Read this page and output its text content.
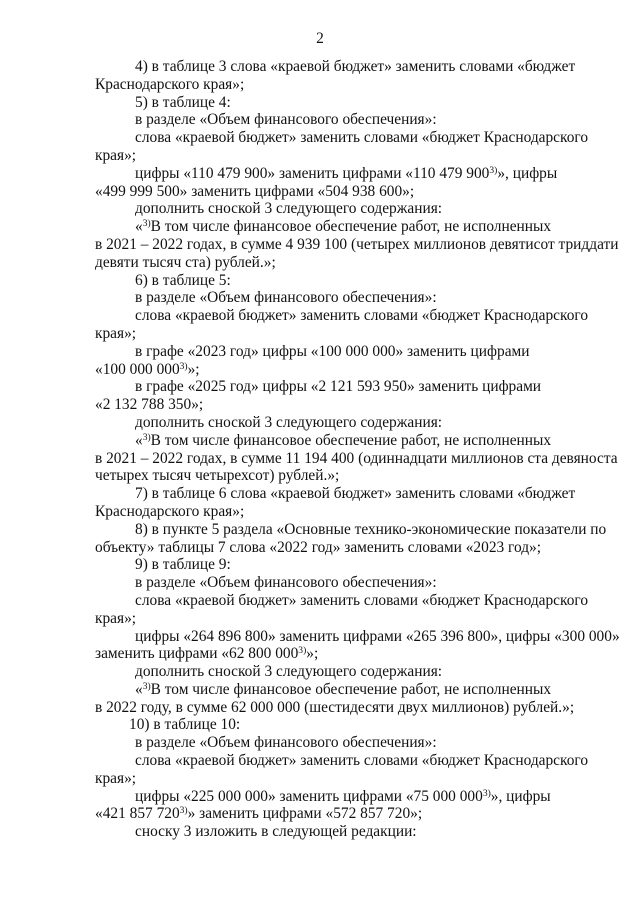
2
4) в таблице 3 слова «краевой бюджет» заменить словами «бюджет
Краснодарского края»;
5) в таблице 4:
в разделе «Объем финансового обеспечения»:
слова «краевой бюджет» заменить словами «бюджет Краснодарского
края»;
цифры «110 479 900» заменить цифрами «110 479 900$^{3)}$», цифры
«499 999 500» заменить цифрами «504 938 600»;
дополнить сноской 3 следующего содержания:
«$^{3)}$В том числе финансовое обеспечение работ, не исполненных
в 2021 – 2022 годах, в сумме 4 939 100 (четырех миллионов девятисот триддати
девяти тысяч ста) рублей.»;
6) в таблице 5:
в разделе «Объем финансового обеспечения»:
слова «краевой бюджет» заменить словами «бюджет Краснодарского
края»;
в графе «2023 год» цифры «100 000 000» заменить цифрами
«100 000 000$^{3)}$»;
в графе «2025 год» цифры «2 121 593 950» заменить цифрами
«2 132 788 350»;
дополнить сноской 3 следующего содержания:
«$^{3)}$В том числе финансовое обеспечение работ, не исполненных
в 2021 – 2022 годах, в сумме 11 194 400 (одиннадцати миллионов ста девяноста
четырех тысяч четырехсот) рублей.»;
7) в таблице 6 слова «краевой бюджет» заменить словами «бюджет
Краснодарского края»;
8) в пункте 5 раздела «Основные технико-экономические показатели по
объекту» таблицы 7 слова «2022 год» заменить словами «2023 год»;
9) в таблице 9:
в разделе «Объем финансового обеспечения»:
слова «краевой бюджет» заменить словами «бюджет Краснодарского
края»;
цифры «264 896 800» заменить цифрами «265 396 800», цифры «300 000»
заменить цифрами «62 800 000$^{3)}$»;
дополнить сноской 3 следующего содержания:
«$^{3)}$В том числе финансовое обеспечение работ, не исполненных
в 2022 году, в сумме 62 000 000 (шестидесяти двух миллионов) рублей.»;
10) в таблице 10:
в разделе «Объем финансового обеспечения»:
слова «краевой бюджет» заменить словами «бюджет Краснодарского
края»;
цифры «225 000 000» заменить цифрами «75 000 000$^{3)}$», цифры
«421 857 720$^{3)}$» заменить цифрами «572 857 720»;
сноску 3 изложить в следующей редакции:
